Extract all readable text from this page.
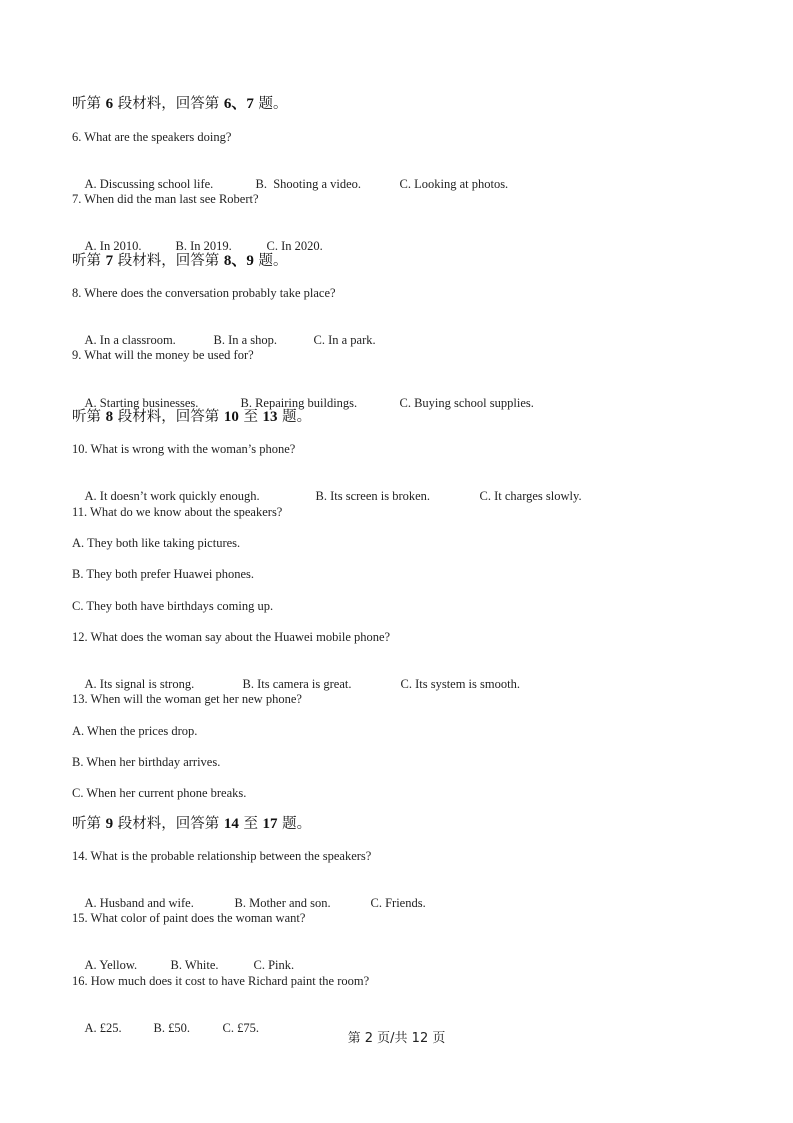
听第 6 段材料，回答第 6、7 题。
6. What are the speakers doing?

A. Discussing school life.	B.  Shooting a video.	C. Looking at photos.

7. When did the man last see Robert?

A. In 2010.	B. In 2019.	C. In 2020.

听第 7 段材料，回答第 8、9 题。
8. Where does the conversation probably take place?

A. In a classroom.	B. In a shop.	C. In a park.

9. What will the money be used for?

A. Starting businesses.	B. Repairing buildings.	C. Buying school supplies.

听第 8 段材料，回答第 10 至 13 题。
10. What is wrong with the woman’s phone?

A. It doesn’t work quickly enough.	B. Its screen is broken.	C. It charges slowly.

11. What do we know about the speakers?
A. They both like taking pictures.
B. They both prefer Huawei phones.
C. They both have birthdays coming up.
12. What does the woman say about the Huawei mobile phone?

A. Its signal is strong.	B. Its camera is great.	C. Its system is smooth.

13. When will the woman get her new phone?
A. When the prices drop.
B. When her birthday arrives.
C. When her current phone breaks.
听第 9 段材料，回答第 14 至 17 题。
14. What is the probable relationship between the speakers?

A. Husband and wife.	B. Mother and son.	C. Friends.

15. What color of paint does the woman want?

A. Yellow.	B. White.	C. Pink.

16. How much does it cost to have Richard paint the room?

A. £25.	B. £50.	C. £75.

第 2 页/共 12 页
